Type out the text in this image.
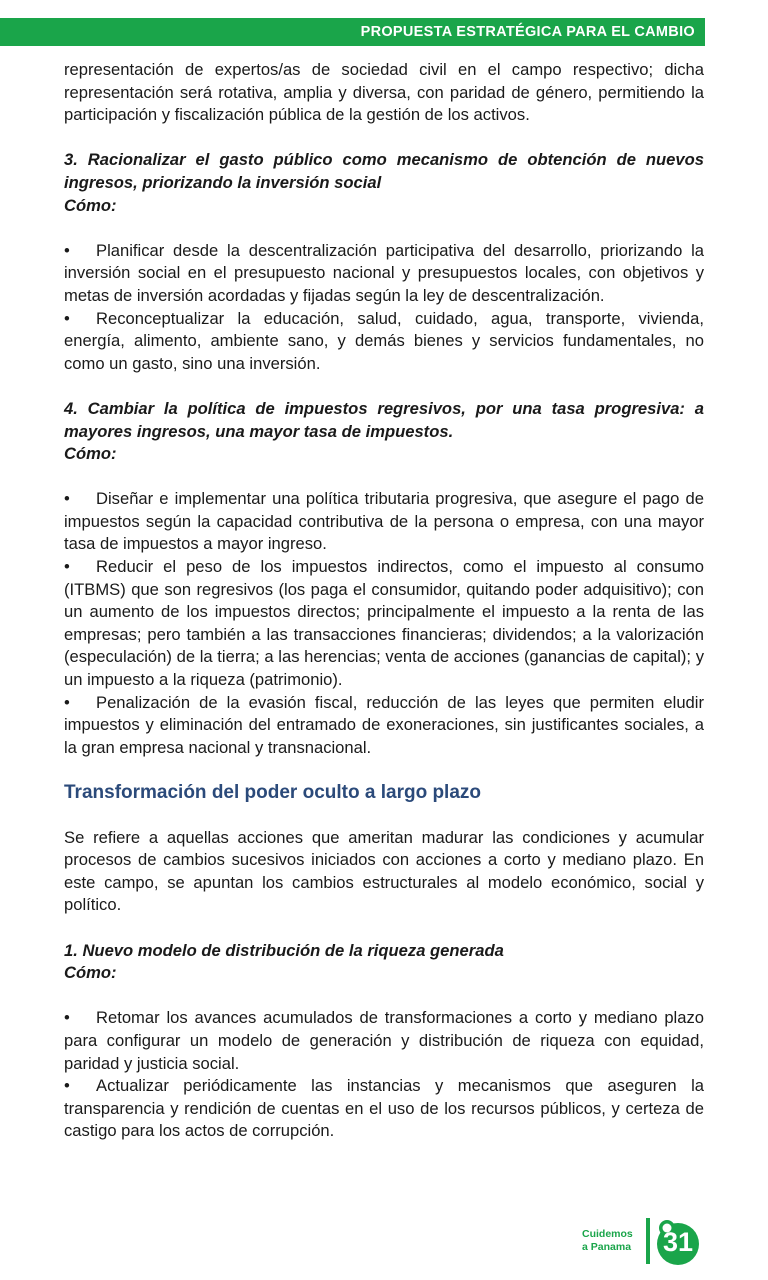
PROPUESTA ESTRATÉGICA PARA EL CAMBIO

representación de expertos/as de sociedad civil en el campo respectivo; dicha representación será rotativa, amplia y diversa, con paridad de género, permitiendo la participación y fiscalización pública de la gestión de los activos.

3. Racionalizar el gasto público como mecanismo de obtención de nuevos ingresos, priorizando la inversión social

Cómo:

• Planificar desde la descentralización participativa del desarrollo, priorizando la inversión social en el presupuesto nacional y presupuestos locales, con objetivos y metas de inversión acordadas y fijadas según la ley de descentralización.

• Reconceptualizar la educación, salud, cuidado, agua, transporte, vivienda, energía, alimento, ambiente sano, y demás bienes y servicios fundamentales, no como un gasto, sino una inversión.

4. Cambiar la política de impuestos regresivos, por una tasa progresiva: a mayores ingresos, una mayor tasa de impuestos.

Cómo:

• Diseñar e implementar una política tributaria progresiva, que asegure el pago de impuestos según la capacidad contributiva de la persona o empresa, con una mayor tasa de impuestos a mayor ingreso.

• Reducir el peso de los impuestos indirectos, como el impuesto al consumo (ITBMS) que son regresivos (los paga el consumidor, quitando poder adquisitivo); con un aumento de los impuestos directos; principalmente el impuesto a la renta de las empresas; pero también a las transacciones financieras; dividendos; a la valorización (especulación) de la tierra; a las herencias; venta de acciones (ganancias de capital); y un impuesto a la riqueza (patrimonio).

• Penalización de la evasión fiscal, reducción de las leyes que permiten eludir impuestos y eliminación del entramado de exoneraciones, sin justificantes sociales, a la gran empresa nacional y transnacional.

Transformación del poder oculto a largo plazo

Se refiere a aquellas acciones que ameritan madurar las condiciones y acumular procesos de cambios sucesivos iniciados con acciones a corto y mediano plazo. En este campo, se apuntan los cambios estructurales al modelo económico, social y político.

1. Nuevo modelo de distribución de la riqueza generada

Cómo:

• Retomar los avances acumulados de transformaciones a corto y mediano plazo para configurar un modelo de generación y distribución de riqueza con equidad, paridad y justicia social.

• Actualizar periódicamente las instancias y mecanismos que aseguren la transparencia y rendición de cuentas en el uso de los recursos públicos, y certeza de castigo para los actos de corrupción.

Cuidemos
a Panama	31
